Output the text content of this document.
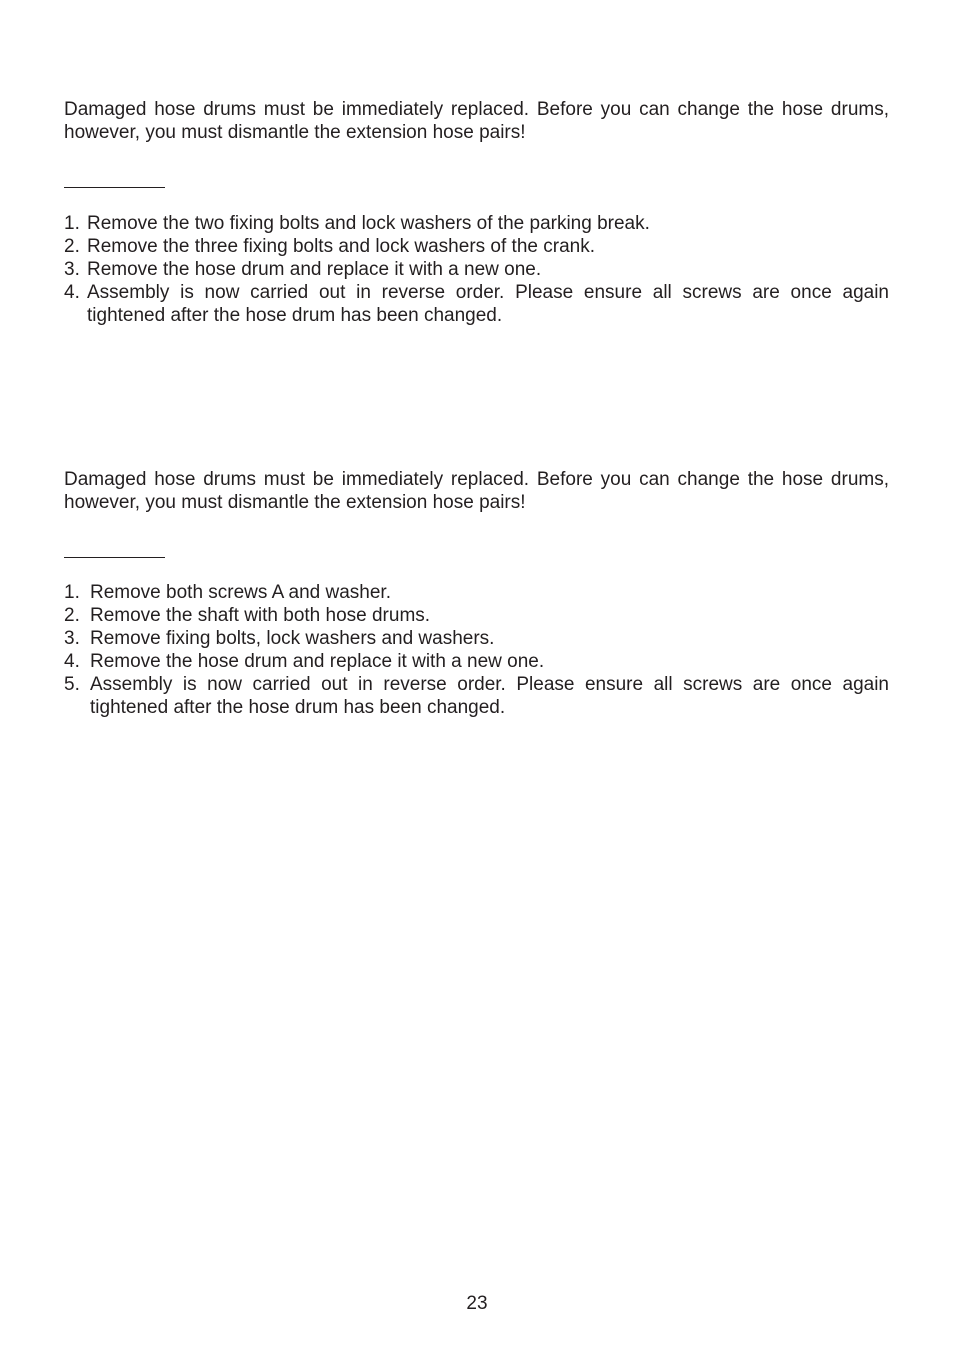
Damaged hose drums must be immediately replaced. Before you can change the hose drums, however, you must dismantle the extension hose pairs!

1. Remove the two fixing bolts and lock washers of the parking break.
2. Remove the three fixing bolts and lock washers of the crank.
3. Remove the hose drum and replace it with a new one.
4. Assembly is now carried out in reverse order. Please ensure all screws are once again tightened after the hose drum has been changed.

Damaged hose drums must be immediately replaced. Before you can change the hose drums, however, you must dismantle the extension hose pairs!

1. Remove both screws A and washer.
2. Remove the shaft with both hose drums.
3. Remove fixing bolts, lock washers and washers.
4. Remove the hose drum and replace it with a new one.
5. Assembly is now carried out in reverse order. Please ensure all screws are once again tightened after the hose drum has been changed.
23
